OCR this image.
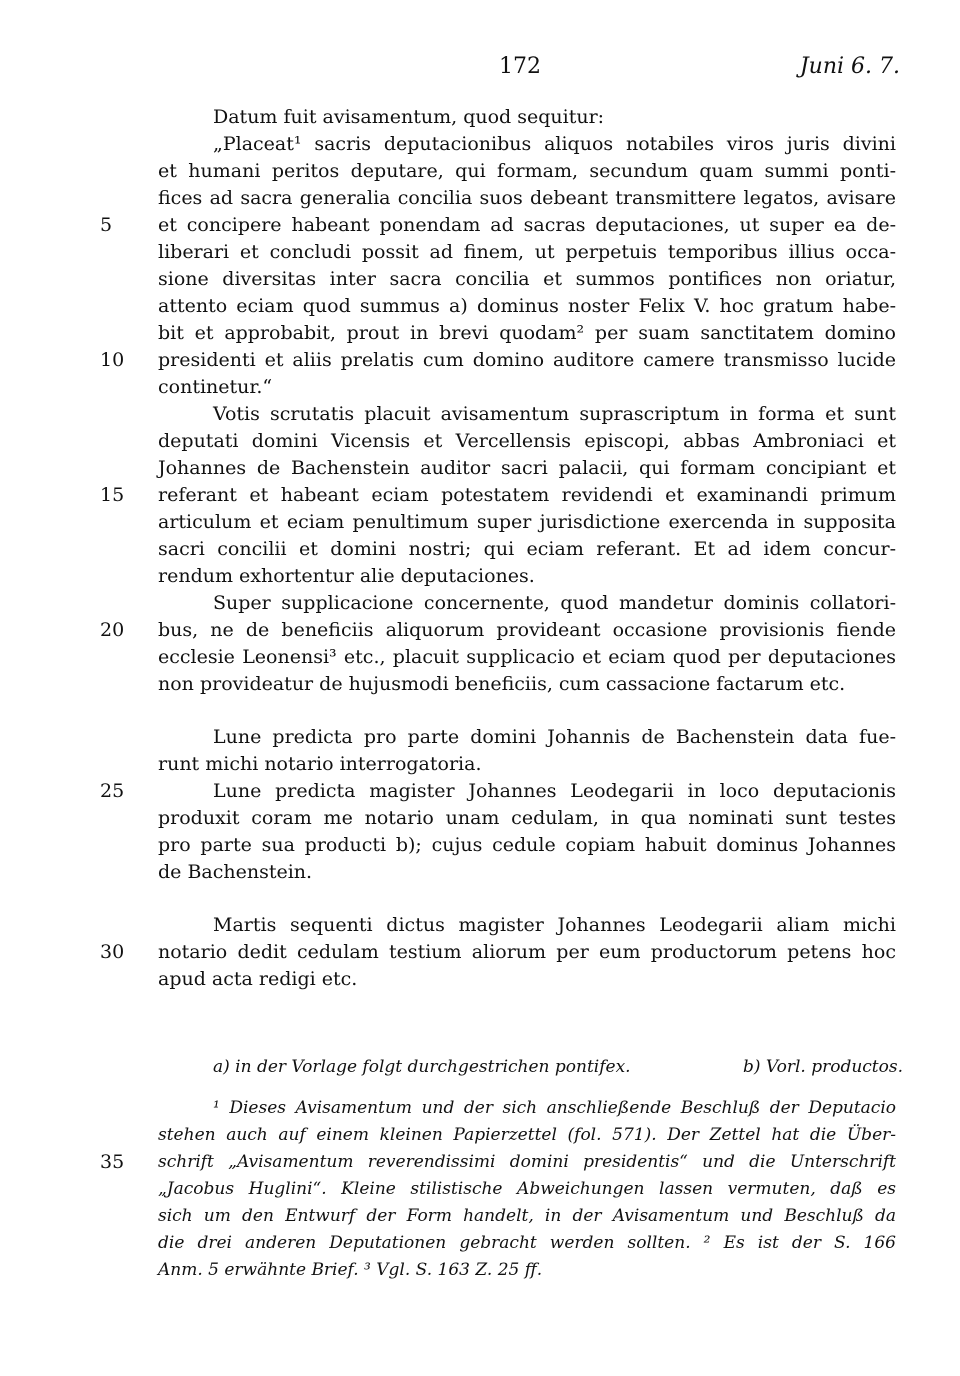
172	Juni 6. 7.
Datum fuit avisamentum, quod sequitur:
„Placeat¹ sacris deputacionibus aliquos notabiles viros juris divini
et humani peritos deputare, qui formam, secundum quam summi ponti-
fices ad sacra generalia concilia suos debeant transmittere legatos, avisare
5	et concipere habeant ponendam ad sacras deputaciones, ut super ea de-
liberari et concludi possit ad finem, ut perpetuis temporibus illius occa-
sione diversitas inter sacra concilia et summos pontifices non oriatur,
attento eciam quod summus a) dominus noster Felix V. hoc gratum habe-
bit et approbabit, prout in brevi quodam² per suam sanctitatem domino
10	presidenti et aliis prelatis cum domino auditore camere transmisso lucide
continetur.“
Votis scrutatis placuit avisamentum suprascriptum in forma et sunt
deputati domini Vicensis et Vercellensis episcopi, abbas Ambroniaci et
Johannes de Bachenstein auditor sacri palacii, qui formam concipiant et
15	referant et habeant eciam potestatem revidendi et examinandi primum
articulum et eciam penultimum super jurisdictione exercenda in supposita
sacri concilii et domini nostri; qui eciam referant. Et ad idem concur-
rendum exhortentur alie deputaciones.
Super supplicacione concernente, quod mandetur dominis collatori-
20	bus, ne de beneficiis aliquorum provideant occasione provisionis fiende
ecclesie Leonensi³ etc., placuit supplicacio et eciam quod per deputaciones
non provideatur de hujusmodi beneficiis, cum cassacione factarum etc.
Lune predicta pro parte domini Johannis de Bachenstein data fue-
runt michi notario interrogatoria.
25	Lune predicta magister Johannes Leodegarii in loco deputacionis
produxit coram me notario unam cedulam, in qua nominati sunt testes
pro parte sua producti b); cujus cedule copiam habuit dominus Johannes
de Bachenstein.
Martis sequenti dictus magister Johannes Leodegarii aliam michi
30	notario dedit cedulam testium aliorum per eum productorum petens hoc
apud acta redigi etc.
a) in der Vorlage folgt durchgestrichen pontifex.	b) Vorl. productos.
¹ Dieses Avisamentum und der sich anschließende Beschluß der Deputacio
stehen auch auf einem kleinen Papierzettel (fol. 571). Der Zettel hat die Über-
35	schrift „Avisamentum reverendissimi domini presidentis“ und die Unterschrift
„Jacobus Huglini“. Kleine stilistische Abweichungen lassen vermuten, daß es
sich um den Entwurf der Form handelt, in der Avisamentum und Beschluß da
die drei anderen Deputationen gebracht werden sollten. ² Es ist der S. 166
Anm. 5 erwähnte Brief. ³ Vgl. S. 163 Z. 25 ff.
